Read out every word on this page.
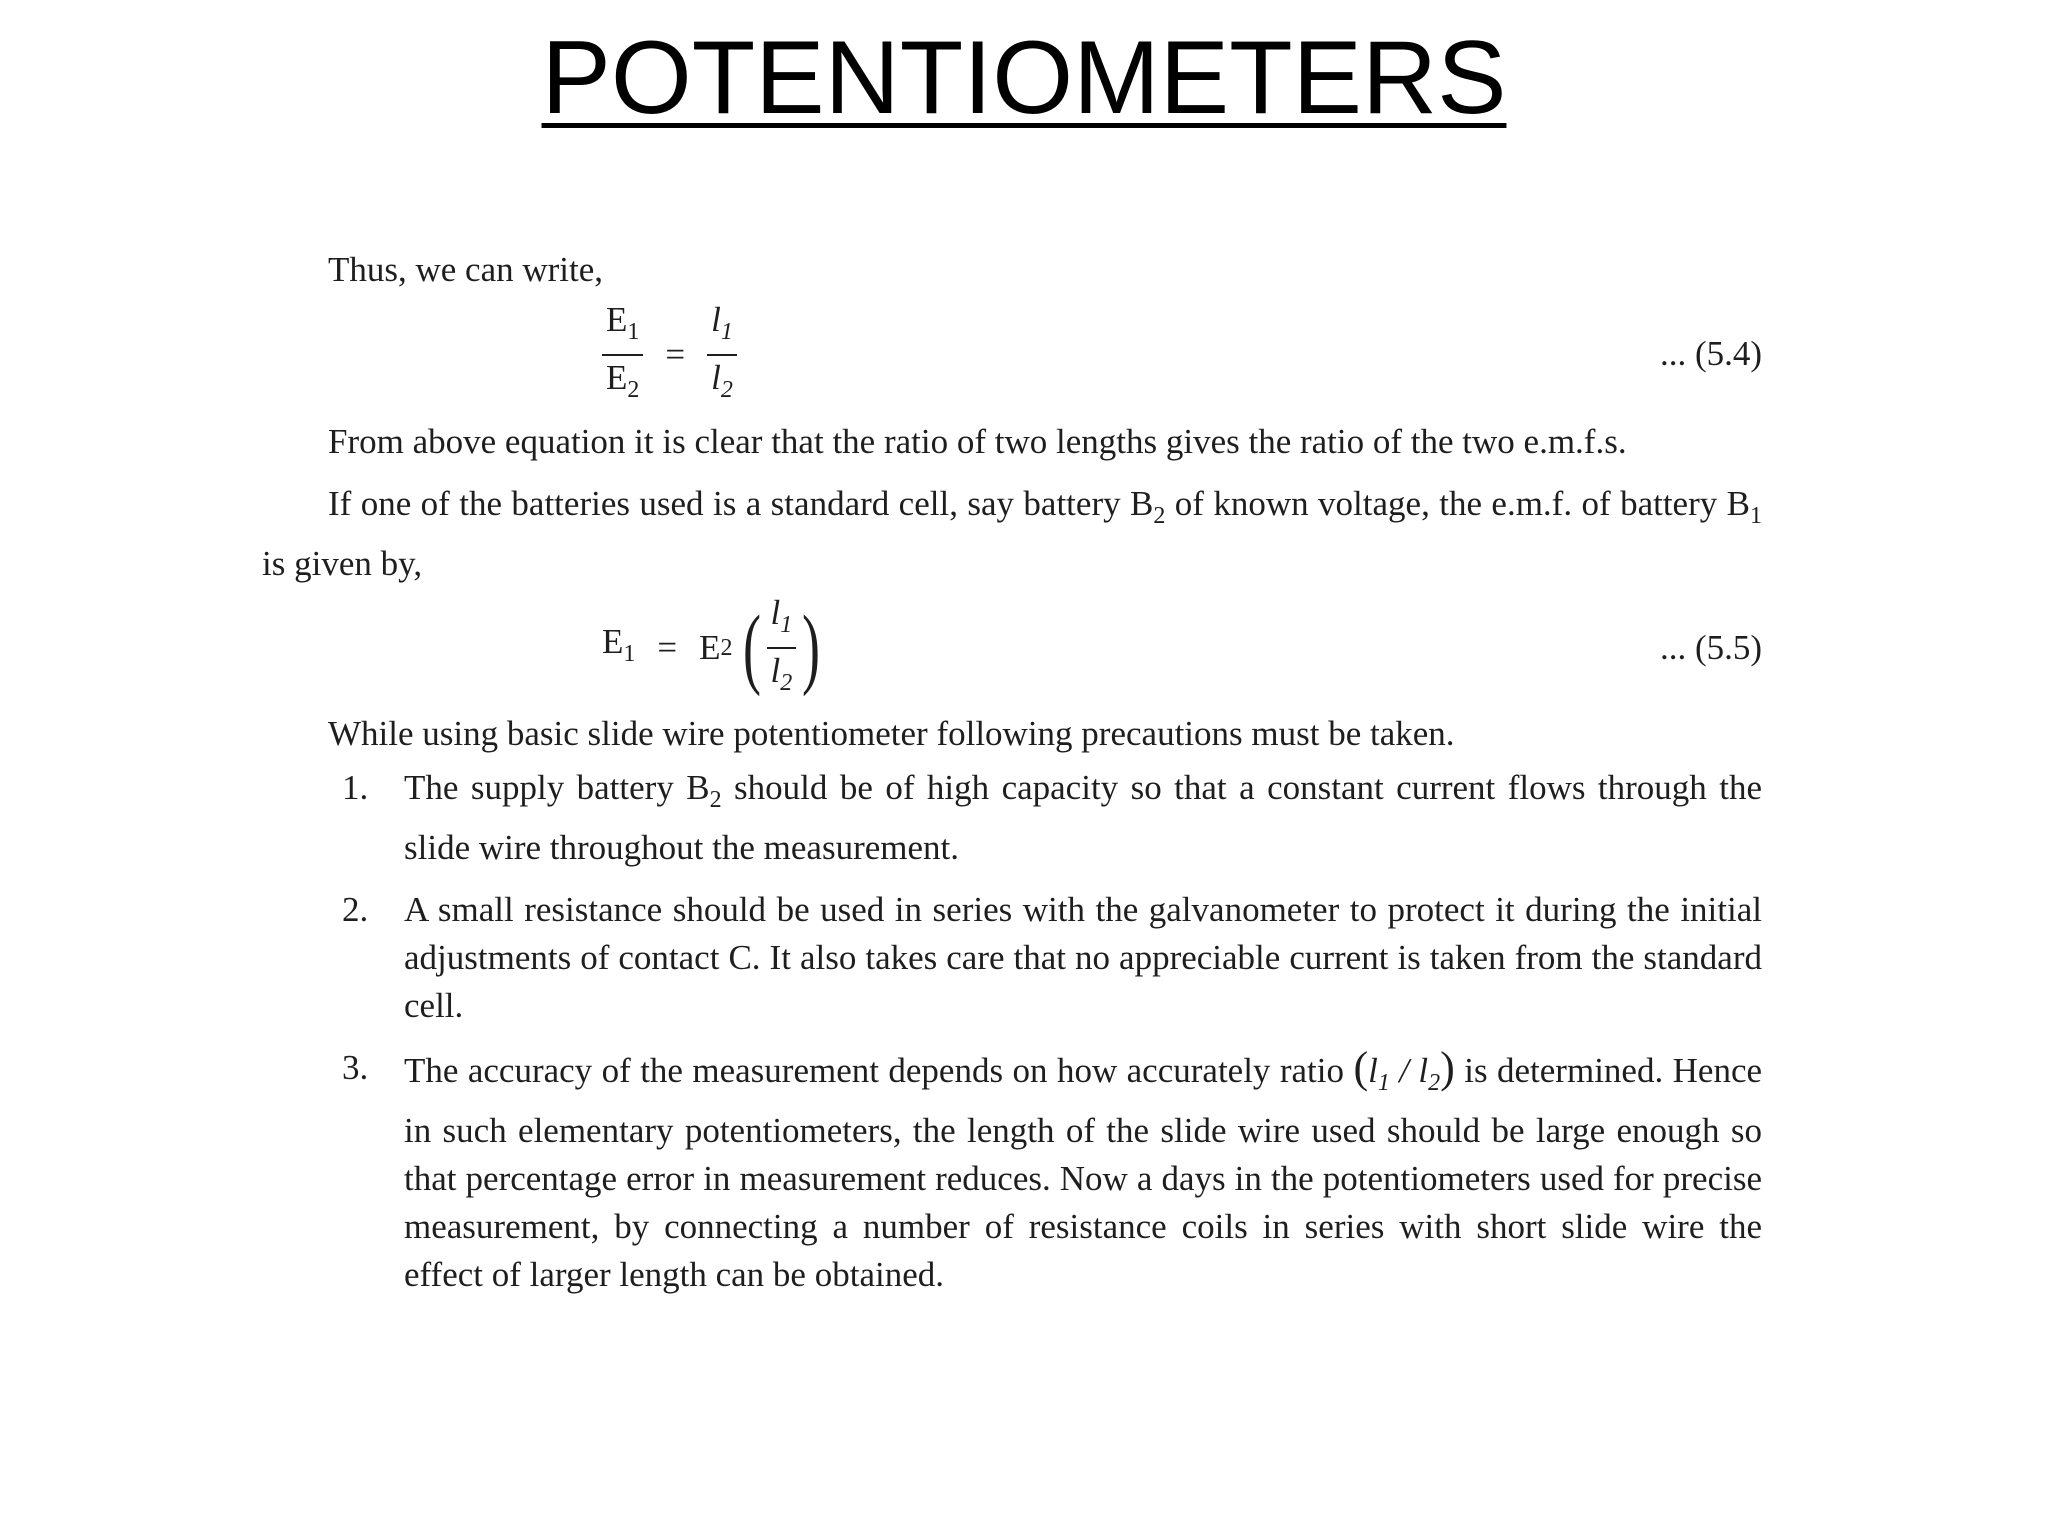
POTENTIOMETERS

Thus, we can write,

$\frac{E_1}{E_2} = \frac{l_1}{l_2}$	... (5.4)

From above equation it is clear that the ratio of two lengths gives the ratio of the two e.m.f.s.

If one of the batteries used is a standard cell, say battery $B_2$ of known voltage, the e.m.f. of battery $B_1$ is given by,

$E_1 = E$ 2 ( $\frac{l_1}{l_2}$ )	... (5.5)

While using basic slide wire potentiometer following precautions must be taken.

1.	The supply battery $B_2$ should be of high capacity so that a constant current flows through the slide wire throughout the measurement.
2.	A small resistance should be used in series with the galvanometer to protect it during the initial adjustments of contact C. It also takes care that no appreciable current is taken from the standard cell.
3.	The accuracy of the measurement depends on how accurately ratio $(l_1 / l_2)$ is determined. Hence in such elementary potentiometers, the length of the slide wire used should be large enough so that percentage error in measurement reduces. Now a days in the potentiometers used for precise measurement, by connecting a number of resistance coils in series with short slide wire the effect of larger length can be obtained.
